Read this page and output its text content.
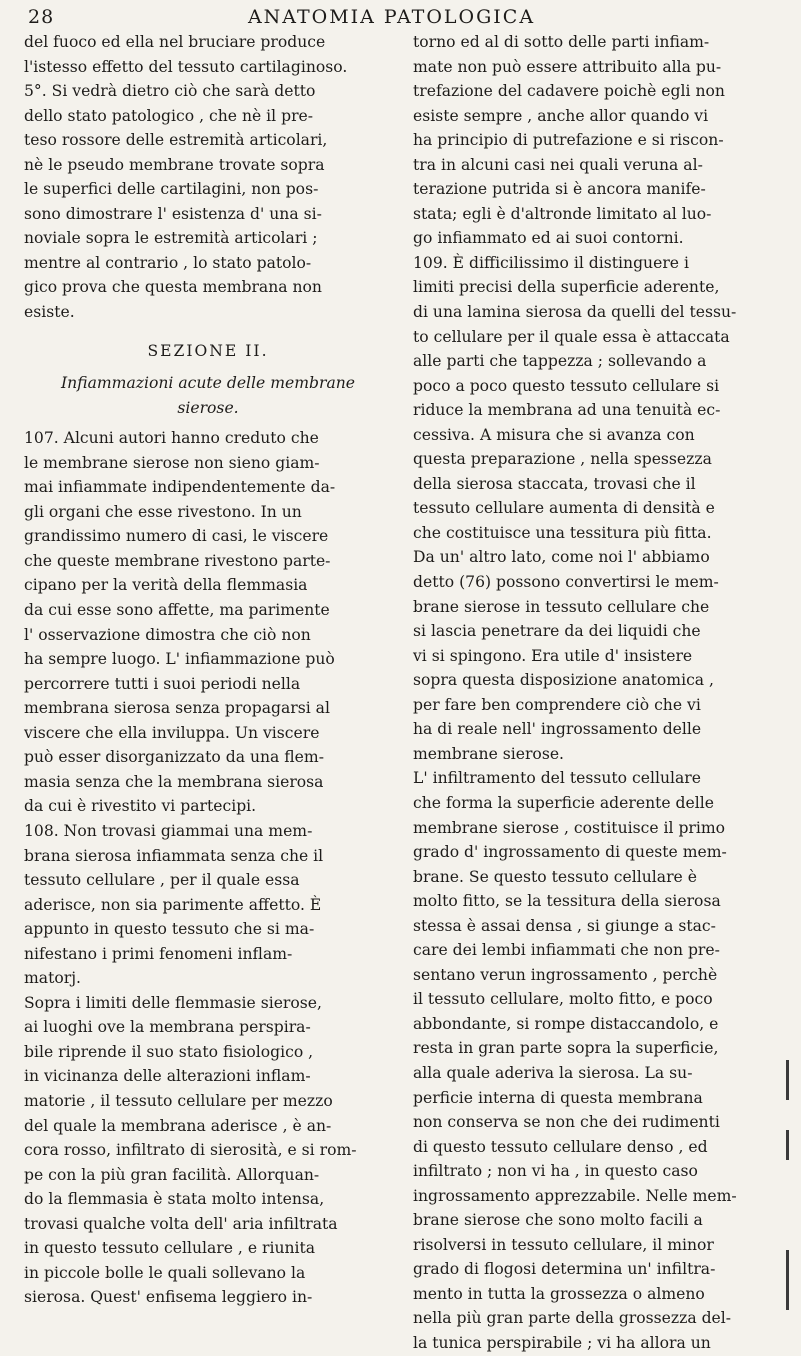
28	ANATOMIA PATOLOGICA
del fuoco ed ella nel bruciare produce
l'istesso effetto del tessuto cartilaginoso.
5°. Si vedrà dietro ciò che sarà detto
dello stato patologico , che nè il pre-
teso rossore delle estremità articolari,
nè le pseudo membrane trovate sopra
le superfici delle cartilagini, non pos-
sono dimostrare l' esistenza d' una si-
noviale sopra le estremità articolari ;
mentre al contrario , lo stato patolo-
gico prova che questa membrana non
esiste.
SEZIONE II.
Infiammazioni acute delle membrane
sierose.
107. Alcuni autori hanno creduto che
le membrane sierose non sieno giam-
mai infiammate indipendentemente da-
gli organi che esse rivestono. In un
grandissimo numero di casi, le viscere
che queste membrane rivestono parte-
cipano per la verità della flemmasia
da cui esse sono affette, ma parimente
l' osservazione dimostra che ciò non
ha sempre luogo. L' infiammazione può
percorrere tutti i suoi periodi nella
membrana sierosa senza propagarsi al
viscere che ella inviluppa. Un viscere
può esser disorganizzato da una flem-
masia senza che la membrana sierosa
da cui è rivestito vi partecipi.
108. Non trovasi giammai una mem-
brana sierosa infiammata senza che il
tessuto cellulare , per il quale essa
aderisce, non sia parimente affetto. È
appunto in questo tessuto che si ma-
nifestano i primi fenomeni inflam-
matorj.
Sopra i limiti delle flemmasie sierose,
ai luoghi ove la membrana perspira-
bile riprende il suo stato fisiologico ,
in vicinanza delle alterazioni inflam-
matorie , il tessuto cellulare per mezzo
del quale la membrana aderisce , è an-
cora rosso, infiltrato di sierosità, e si rom-
pe con la più gran facilità. Allorquan-
do la flemmasia è stata molto intensa,
trovasi qualche volta dell' aria infiltrata
in questo tessuto cellulare , e riunita
in piccole bolle le quali sollevano la
sierosa. Quest' enfisema leggiero in-
torno ed al di sotto delle parti infiam-
mate non può essere attribuito alla pu-
trefazione del cadavere poichè egli non
esiste sempre , anche allor quando vi
ha principio di putrefazione e si riscon-
tra in alcuni casi nei quali veruna al-
terazione putrida si è ancora manife-
stata; egli è d'altronde limitato al luo-
go infiammato ed ai suoi contorni.
109. È difficilissimo il distinguere i
limiti precisi della superficie aderente,
di una lamina sierosa da quelli del tessu-
to cellulare per il quale essa è attaccata
alle parti che tappezza ; sollevando a
poco a poco questo tessuto cellulare si
riduce la membrana ad una tenuità ec-
cessiva. A misura che si avanza con
questa preparazione , nella spessezza
della sierosa staccata, trovasi che il
tessuto cellulare aumenta di densità e
che costituisce una tessitura più fitta.
Da un' altro lato, come noi l' abbiamo
detto (76) possono convertirsi le mem-
brane sierose in tessuto cellulare che
si lascia penetrare da dei liquidi che
vi si spingono. Era utile d' insistere
sopra questa disposizione anatomica ,
per fare ben comprendere ciò che vi
ha di reale nell' ingrossamento delle
membrane sierose.
L' infiltramento del tessuto cellulare
che forma la superficie aderente delle
membrane sierose , costituisce il primo
grado d' ingrossamento di queste mem-
brane. Se questo tessuto cellulare è
molto fitto, se la tessitura della sierosa
stessa è assai densa , si giunge a stac-
care dei lembi infiammati che non pre-
sentano verun ingrossamento , perchè
il tessuto cellulare, molto fitto, e poco
abbondante, si rompe distaccandolo, e
resta in gran parte sopra la superficie,
alla quale aderiva la sierosa. La su-
perficie interna di questa membrana
non conserva se non che dei rudimenti
di questo tessuto cellulare denso , ed
infiltrato ; non vi ha , in questo caso
ingrossamento apprezzabile. Nelle mem-
brane sierose che sono molto facili a
risolversi in tessuto cellulare, il minor
grado di flogosi determina un' infiltra-
mento in tutta la grossezza o almeno
nella più gran parte della grossezza del-
la tunica perspirabile ; vi ha allora un
